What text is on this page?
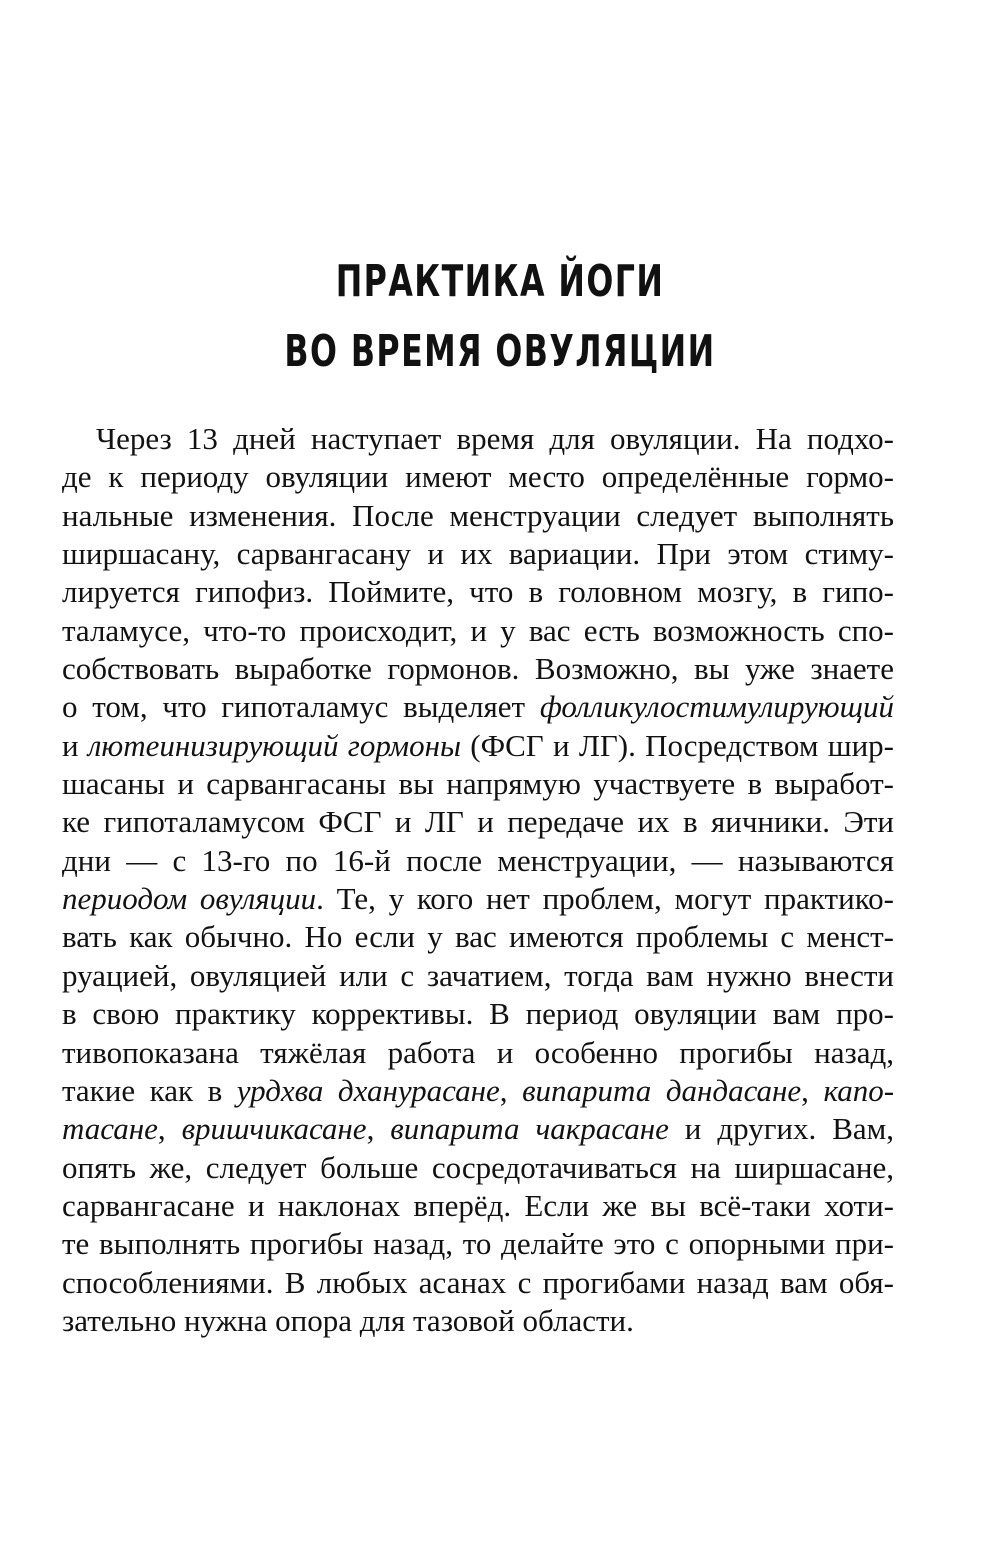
ПРАКТИКА ЙОГИ
ВО ВРЕМЯ ОВУЛЯЦИИ
Через 13 дней наступает время для овуляции. На подхо-
де к периоду овуляции имеют место определённые гормо-
нальные изменения. После менструации следует выполнять
ширшасану, сарвангасану и их вариации. При этом стиму-
лируется гипофиз. Поймите, что в головном мозгу, в гипо-
таламусе, что-то происходит, и у вас есть возможность спо-
собствовать выработке гормонов. Возможно, вы уже знаете
о том, что гипоталамус выделяет фолликулостимулирующий
и лютеинизирующий гормоны (ФСГ и ЛГ). Посредством шир-
шасаны и сарвангасаны вы напрямую участвуете в выработ-
ке гипоталамусом ФСГ и ЛГ и передаче их в яичники. Эти
дни — с 13-го по 16-й после менструации, — называются
периодом овуляции. Те, у кого нет проблем, могут практико-
вать как обычно. Но если у вас имеются проблемы с менст-
руацией, овуляцией или с зачатием, тогда вам нужно внести
в свою практику коррективы. В период овуляции вам про-
тивопоказана тяжёлая работа и особенно прогибы назад,
такие как в урдхва дханурасане, випарита дандасане, капо-
тасане, вришчикасане, випарита чакрасане и других. Вам,
опять же, следует больше сосредотачиваться на ширшасане,
сарвангасане и наклонах вперёд. Если же вы всё-таки хоти-
те выполнять прогибы назад, то делайте это с опорными при-
способлениями. В любых асанах с прогибами назад вам обя-
зательно нужна опора для тазовой области.
